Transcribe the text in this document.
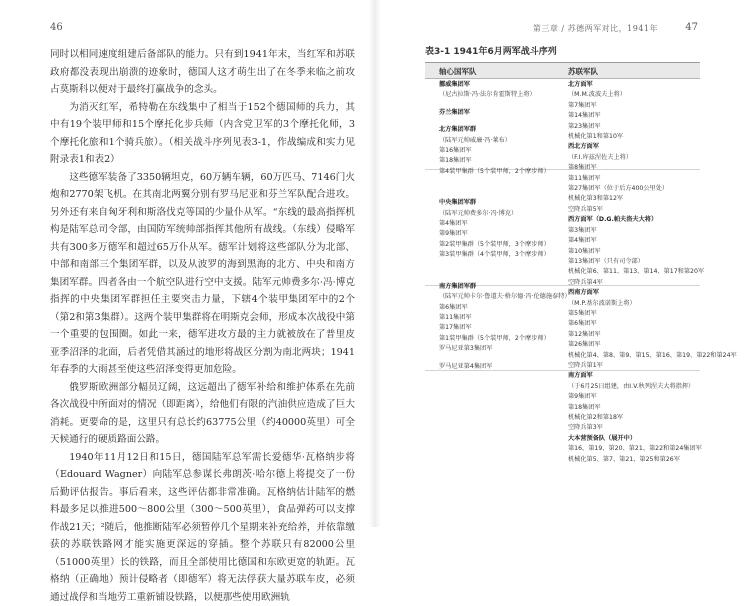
46

同时以相同速度组建后备部队的能力。只有到1941年末，当红军和苏联政府都没表现出崩溃的迹象时，德国人这才萌生出了在冬季来临之前攻占莫斯科以便对于最终打赢战争的念头。

为消灭红军，希特勒在东线集中了相当于152个德国师的兵力，其中有19个装甲师和15个摩托化步兵师（内含党卫军的3个摩托化师，3个摩托化旅和1个骑兵旅）。（相关战斗序列见表3-1，作战编成和实力见附录表1和表2）

这些德军装备了3350辆坦克，60万辆车辆，60万匹马、7146门火炮和2770架飞机。在其南北两翼分别有罗马尼亚和芬兰军队配合进攻。另外还有来自匈牙利和斯洛伐克等国的少量仆从军。“东线的最高指挥机构是陆军总司令部，由国防军统帅部指挥其他所有战线。（东线）侵略军共有300多万德军和超过65万仆从军。德军计划将这些部队分为北部、中部和南部三个集团军群，以及从波罗的海到黑海的北方、中央和南方集团军群。四者各由一个航空队进行空中支援。陆军元帅费多尔·冯·博克指挥的中央集团军群担任主要突击力量，下辖4个装甲集团军中的2个（第2和第3集群）。这两个装甲集群将在明斯克会师，形成本次战役中第一个重要的包围圈。如此一来，德军进攻方最的主力就被放在了普里皮亚季沼泽的北面，后者凭借其涵过的地形将战区分割为南北两块；1941年春季的大雨甚至使这些沼泽变得更加危险。

俄罗斯欧洲部分幅员辽阔，这远超出了德军补给和维护体系在先前各次战役中所面对的情况（即距离），给他们有限的汽油供应造成了巨大消耗。更要命的是，这里只有总长约63775公里（约40000英里）可全天候通行的硬质路面公路。

1940年11月12日和15日，德国陆军总军需长爱德华·瓦格纳步将（Edouard Wagner）向陆军总参谋长弗朗茨·哈尔德上将提交了一份后勤评估报告。事后看来，这些评估都非常准确。瓦格纳估计陆军的燃料最多足以推进500～800公里（300～500英里），食品弹药可以支撑作战21天；²随后，他推断陆军必须暂停几个星期来补充给养，并依靠缴获的苏联铁路网才能实施更深远的穿插。整个苏联只有82000公里（51000英里）长的铁路，而且全部使用比德国和东欧更宽的轨距。瓦格纳（正确地）预计侵略者（即德军）将无法俘获大量苏联车皮，必须通过战俘和当地劳工重新铺设铁路，以便那些使用欧洲轨

第三章 / 苏德两军对比，1941年	47
表3-1 1941年6月两军战斗序列
轴心国军队	苏联军队
挪威集团军
（尼古拉斯·冯·法尔肯霍斯特上将）
芬兰集团军
北方集团军群
（陆军元帅威廉·冯·莱布）
第16集团军
第18集团军
第4装甲集群（5个装甲师，2个摩步师）
中央集团军群
（陆军元帅费多尔·冯·博克）
第4集团军
第9集团军
第2装甲集群（5个装甲师，3个摩步师）
第3装甲集群（4个装甲师，3个摩步师）
南方集团军群
（陆军元帅卡尔·鲁道夫·格尔德·冯·伦德施泰特）
第6集团军
第11集团军
第17集团军
第1装甲集群（5个装甲师，2个摩步师）
罗马尼亚第3集团军
罗马尼亚第4集团军
北方面军
（M.M.波波夫上将）
第7集团军
第14集团军
第23集团军
机械化第1和第10军
西北方面军
（F.I.库兹涅佐夫上将）
第8集团军
第11集团军
第27集团军（位于后方400公里处）
机械化第3和第12军
空降兵第5军
西方面军（D.G.帕夫洛夫大将）
第3集团军
第4集团军
第10集团军
第13集团军（只有司令部）
机械化第6、第11、第13、第14、第17和第20军
空降兵第4军
西南方面军
（M.P.基尔波诺斯上将）
第5集团军
第6集团军
第12集团军
第26集团军
机械化第4、第8、第9、第15、第16、第19、第22和第24军
空降兵第1军
南方面军
（于6月25日组建，由I.V.秋列涅夫大将指挥）
第9集团军
第18集团军
机械化第2和第18军
空降兵第3军
大本营预备队（展开中）
第16、第19、第20、第21、第22和第24集团军
机械化第5、第7、第21、第25和第26军
